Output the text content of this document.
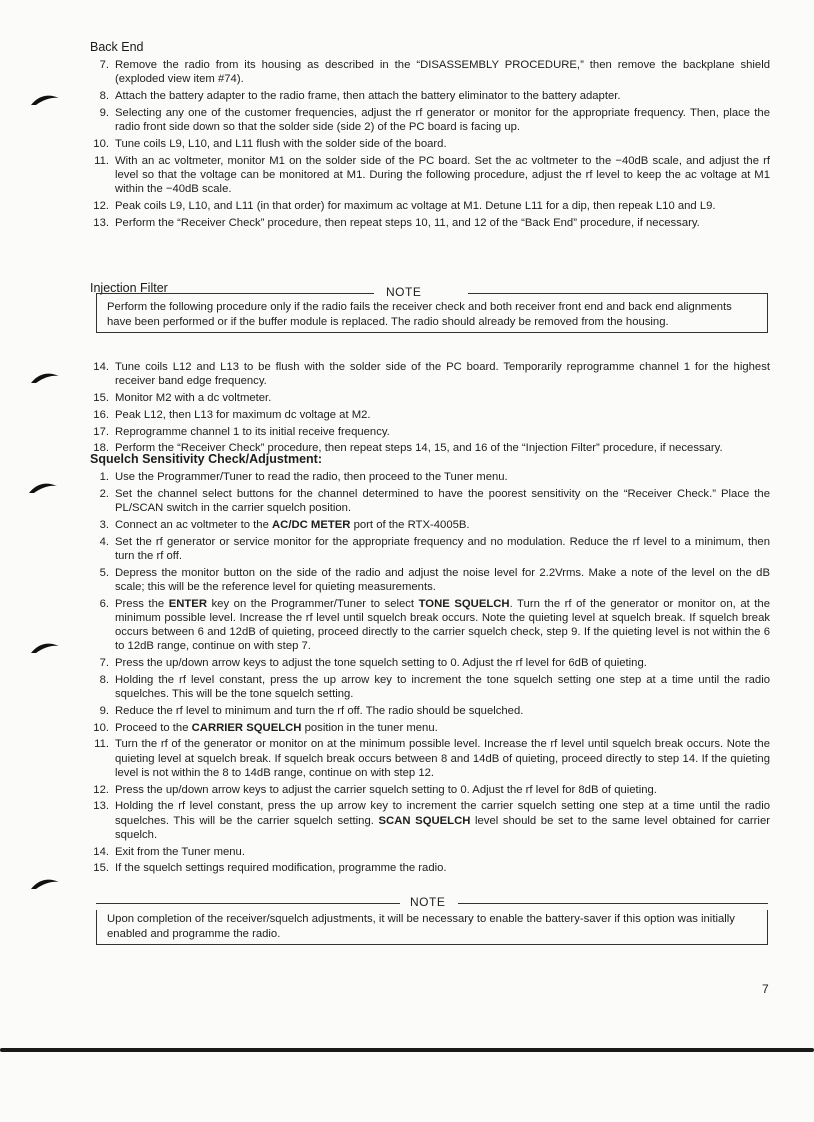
Back End
7. Remove the radio from its housing as described in the “DISASSEMBLY PROCEDURE,” then remove the backplane shield (exploded view item #74).
8. Attach the battery adapter to the radio frame, then attach the battery eliminator to the battery adapter.
9. Selecting any one of the customer frequencies, adjust the rf generator or monitor for the appropriate frequency. Then, place the radio front side down so that the solder side (side 2) of the PC board is facing up.
10. Tune coils L9, L10, and L11 flush with the solder side of the board.
11. With an ac voltmeter, monitor M1 on the solder side of the PC board. Set the ac voltmeter to the −40dB scale, and adjust the rf level so that the voltage can be monitored at M1. During the following procedure, adjust the rf level to keep the ac voltage at M1 within the −40dB scale.
12. Peak coils L9, L10, and L11 (in that order) for maximum ac voltage at M1. Detune L11 for a dip, then repeak L10 and L9.
13. Perform the “Receiver Check” procedure, then repeat steps 10, 11, and 12 of the “Back End” procedure, if necessary.
Injection Filter	NOTE
Perform the following procedure only if the radio fails the receiver check and both receiver front end and back end alignments have been performed or if the buffer module is replaced. The radio should already be removed from the housing.
14. Tune coils L12 and L13 to be flush with the solder side of the PC board. Temporarily reprogramme channel 1 for the highest receiver band edge frequency.
15. Monitor M2 with a dc voltmeter.
16. Peak L12, then L13 for maximum dc voltage at M2.
17. Reprogramme channel 1 to its initial receive frequency.
18. Perform the “Receiver Check” procedure, then repeat steps 14, 15, and 16 of the “Injection Filter” procedure, if necessary.
Squelch Sensitivity Check/Adjustment:
1. Use the Programmer/Tuner to read the radio, then proceed to the Tuner menu.
2. Set the channel select buttons for the channel determined to have the poorest sensitivity on the “Receiver Check.” Place the PL/SCAN switch in the carrier squelch position.
3. Connect an ac voltmeter to the AC/DC METER port of the RTX-4005B.
4. Set the rf generator or service monitor for the appropriate frequency and no modulation. Reduce the rf level to a minimum, then turn the rf off.
5. Depress the monitor button on the side of the radio and adjust the noise level for 2.2Vrms. Make a note of the level on the dB scale; this will be the reference level for quieting measurements.
6. Press the ENTER key on the Programmer/Tuner to select TONE SQUELCH. Turn the rf of the generator or monitor on, at the minimum possible level. Increase the rf level until squelch break occurs. Note the quieting level at squelch break. If squelch break occurs between 6 and 12dB of quieting, proceed directly to the carrier squelch check, step 9. If the quieting level is not within the 6 to 12dB range, continue on with step 7.
7. Press the up/down arrow keys to adjust the tone squelch setting to 0. Adjust the rf level for 6dB of quieting.
8. Holding the rf level constant, press the up arrow key to increment the tone squelch setting one step at a time until the radio squelches. This will be the tone squelch setting.
9. Reduce the rf level to minimum and turn the rf off. The radio should be squelched.
10. Proceed to the CARRIER SQUELCH position in the tuner menu.
11. Turn the rf of the generator or monitor on at the minimum possible level. Increase the rf level until squelch break occurs. Note the quieting level at squelch break. If squelch break occurs between 8 and 14dB of quieting, proceed directly to step 14. If the quieting level is not within the 8 to 14dB range, continue on with step 12.
12. Press the up/down arrow keys to adjust the carrier squelch setting to 0. Adjust the rf level for 8dB of quieting.
13. Holding the rf level constant, press the up arrow key to increment the carrier squelch setting one step at a time until the radio squelches. This will be the carrier squelch setting. SCAN SQUELCH level should be set to the same level obtained for carrier squelch.
14. Exit from the Tuner menu.
15. If the squelch settings required modification, programme the radio.
NOTE
Upon completion of the receiver/squelch adjustments, it will be necessary to enable the battery-saver if this option was initially enabled and programme the radio.
7
